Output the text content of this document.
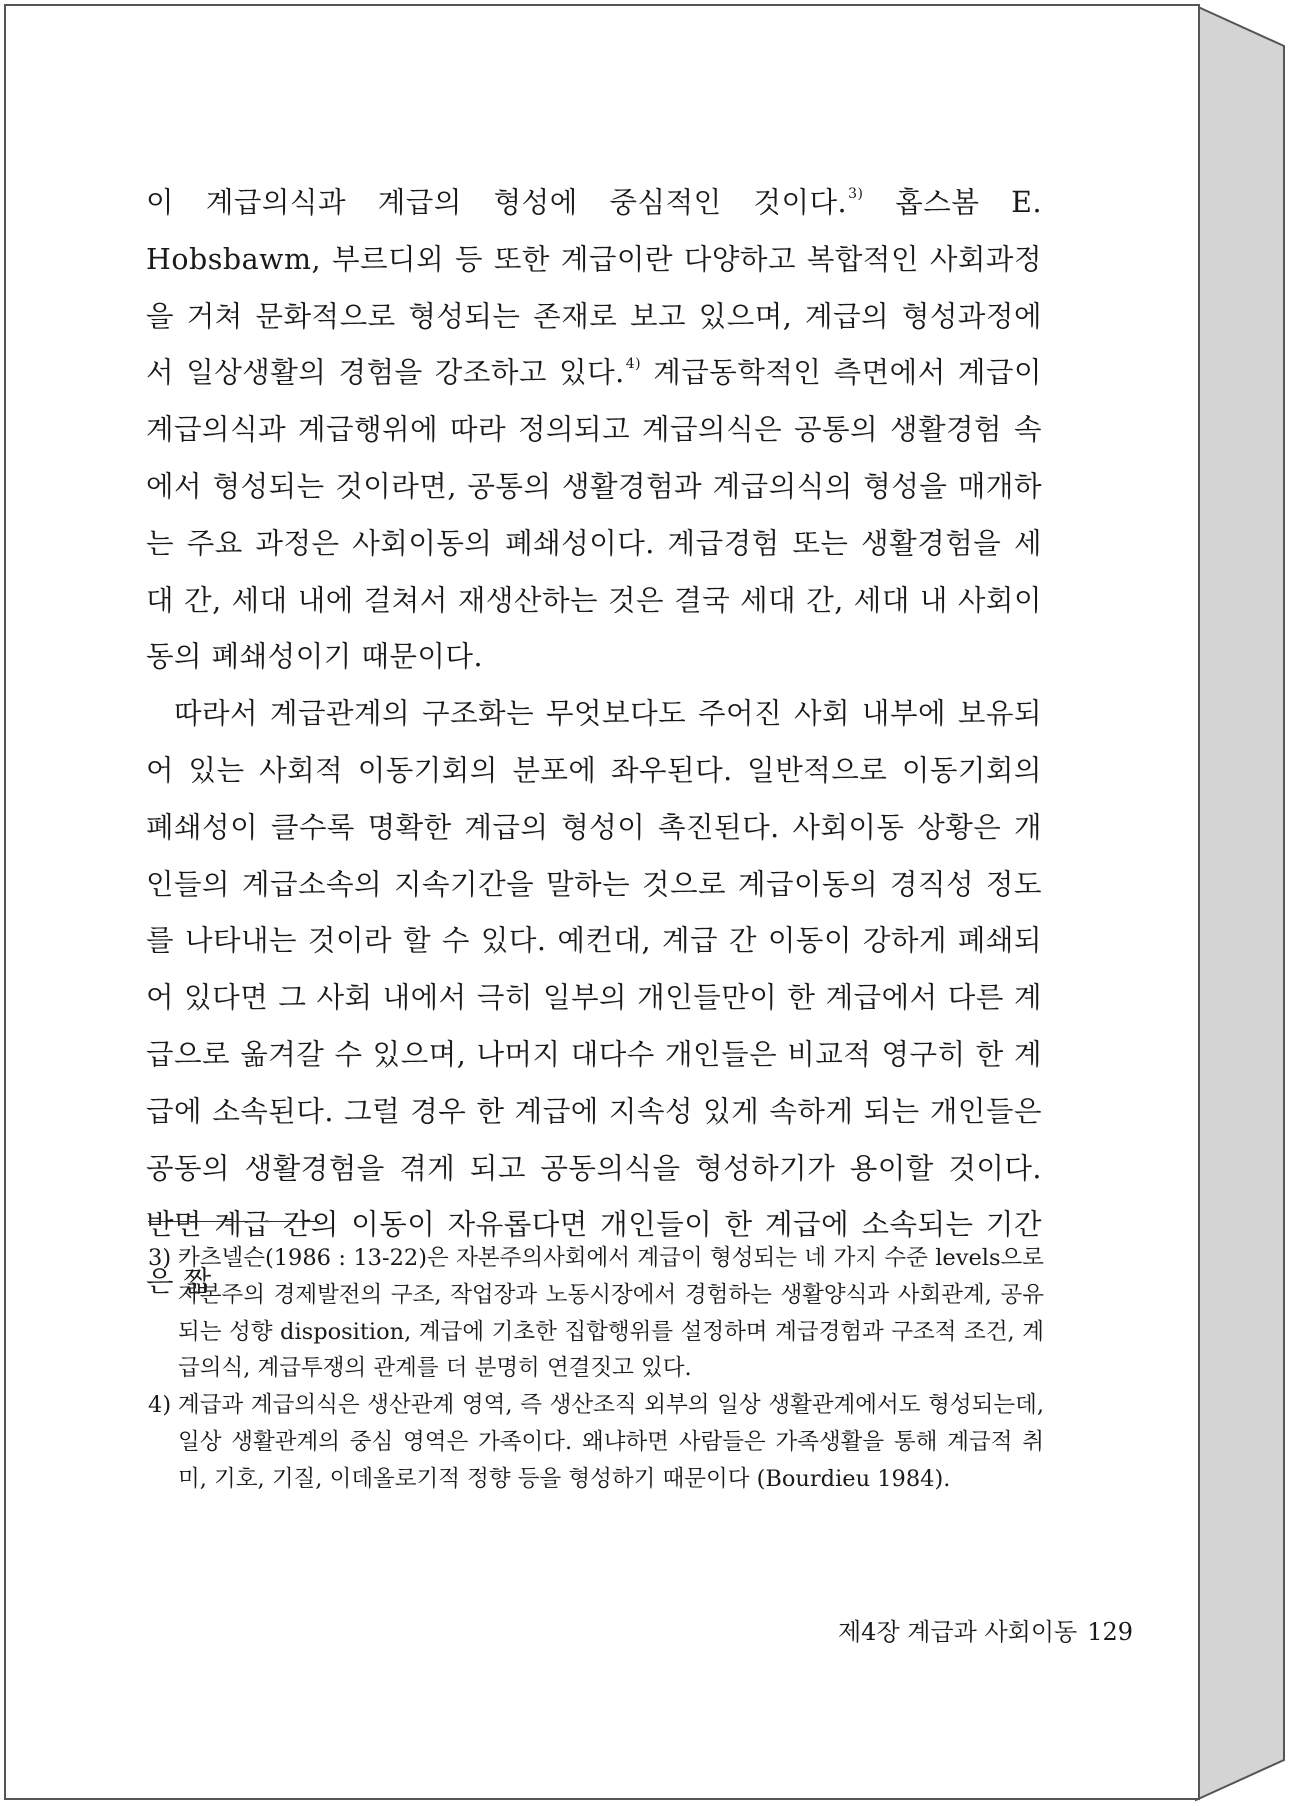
이 계급의식과 계급의 형성에 중심적인 것이다.$^{3)}$ 홉스봄 E. Hobsbawm, 부르디외 등 또한 계급이란 다양하고 복합적인 사회과정을 거쳐 문화적으로 형성되는 존재로 보고 있으며, 계급의 형성과정에서 일상생활의 경험을 강조하고 있다.$^{4)}$ 계급동학적인 측면에서 계급이 계급의식과 계급행위에 따라 정의되고 계급의식은 공통의 생활경험 속에서 형성되는 것이라면, 공통의 생활경험과 계급의식의 형성을 매개하는 주요 과정은 사회이동의 폐쇄성이다. 계급경험 또는 생활경험을 세대 간, 세대 내에 걸쳐서 재생산하는 것은 결국 세대 간, 세대 내 사회이동의 폐쇄성이기 때문이다.

따라서 계급관계의 구조화는 무엇보다도 주어진 사회 내부에 보유되어 있는 사회적 이동기회의 분포에 좌우된다. 일반적으로 이동기회의 폐쇄성이 클수록 명확한 계급의 형성이 촉진된다. 사회이동 상황은 개인들의 계급소속의 지속기간을 말하는 것으로 계급이동의 경직성 정도를 나타내는 것이라 할 수 있다. 예컨대, 계급 간 이동이 강하게 폐쇄되어 있다면 그 사회 내에서 극히 일부의 개인들만이 한 계급에서 다른 계급으로 옮겨갈 수 있으며, 나머지 대다수 개인들은 비교적 영구히 한 계급에 소속된다. 그럴 경우 한 계급에 지속성 있게 속하게 되는 개인들은 공동의 생활경험을 겪게 되고 공동의식을 형성하기가 용이할 것이다. 반면 계급 간의 이동이 자유롭다면 개인들이 한 계급에 소속되는 기간은 짧

3) 카츠넬슨(1986 : 13-22)은 자본주의사회에서 계급이 형성되는 네 가지 수준 levels으로 자본주의 경제발전의 구조, 작업장과 노동시장에서 경험하는 생활양식과 사회관계, 공유되는 성향 disposition, 계급에 기초한 집합행위를 설정하며 계급경험과 구조적 조건, 계급의식, 계급투쟁의 관계를 더 분명히 연결짓고 있다.
4) 계급과 계급의식은 생산관계 영역, 즉 생산조직 외부의 일상 생활관계에서도 형성되는데, 일상 생활관계의 중심 영역은 가족이다. 왜냐하면 사람들은 가족생활을 통해 계급적 취미, 기호, 기질, 이데올로기적 정향 등을 형성하기 때문이다 (Bourdieu 1984).
제4장 계급과 사회이동 129
